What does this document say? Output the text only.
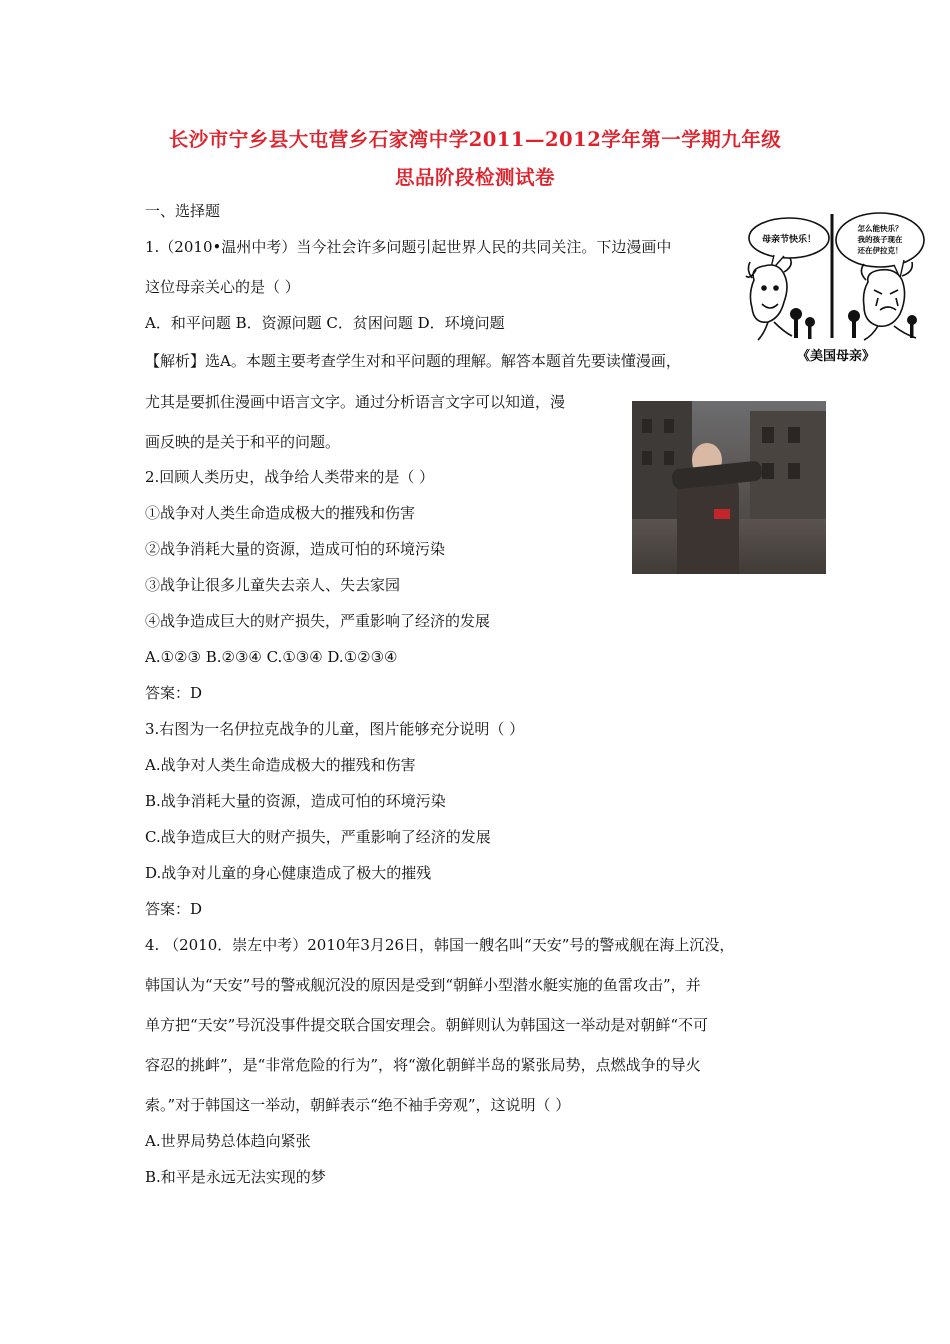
长沙市宁乡县大屯营乡石家湾中学2011—2012学年第一学期九年级
思品阶段检测试卷
一、选择题
1.（2010•温州中考）当今社会许多问题引起世界人民的共同关注。下边漫画中
这位母亲关心的是（ ）
A．和平问题 B．资源问题 C．贫困问题 D．环境问题
【解析】选A。本题主要考查学生对和平问题的理解。解答本题首先要读懂漫画，
尤其是要抓住漫画中语言文字。通过分析语言文字可以知道，漫
画反映的是关于和平的问题。
2.回顾人类历史，战争给人类带来的是（ ）
①战争对人类生命造成极大的摧残和伤害
②战争消耗大量的资源，造成可怕的环境污染
③战争让很多儿童失去亲人、失去家园
④战争造成巨大的财产损失，严重影响了经济的发展
A.①②③ B.②③④ C.①③④ D.①②③④
答案：D
3.右图为一名伊拉克战争的儿童，图片能够充分说明（ ）
A.战争对人类生命造成极大的摧残和伤害
B.战争消耗大量的资源，造成可怕的环境污染
C.战争造成巨大的财产损失，严重影响了经济的发展
D.战争对儿童的身心健康造成了极大的摧残
答案：D
4. （2010．崇左中考）2010年3月26日，韩国一艘名叫“天安”号的警戒舰在海上沉没，
韩国认为“天安”号的警戒舰沉没的原因是受到“朝鲜小型潜水艇实施的鱼雷攻击”，并
单方把“天安”号沉没事件提交联合国安理会。朝鲜则认为韩国这一举动是对朝鲜“不可
容忍的挑衅”，是“非常危险的行为”，将“激化朝鲜半岛的紧张局势，点燃战争的导火
索。”对于韩国这一举动，朝鲜表示“绝不袖手旁观”，这说明（ ）
A.世界局势总体趋向紧张
B.和平是永远无法实现的梦
母亲节快乐！
怎么能快乐？
我的孩子现在
还在伊拉克！
《美国母亲》
